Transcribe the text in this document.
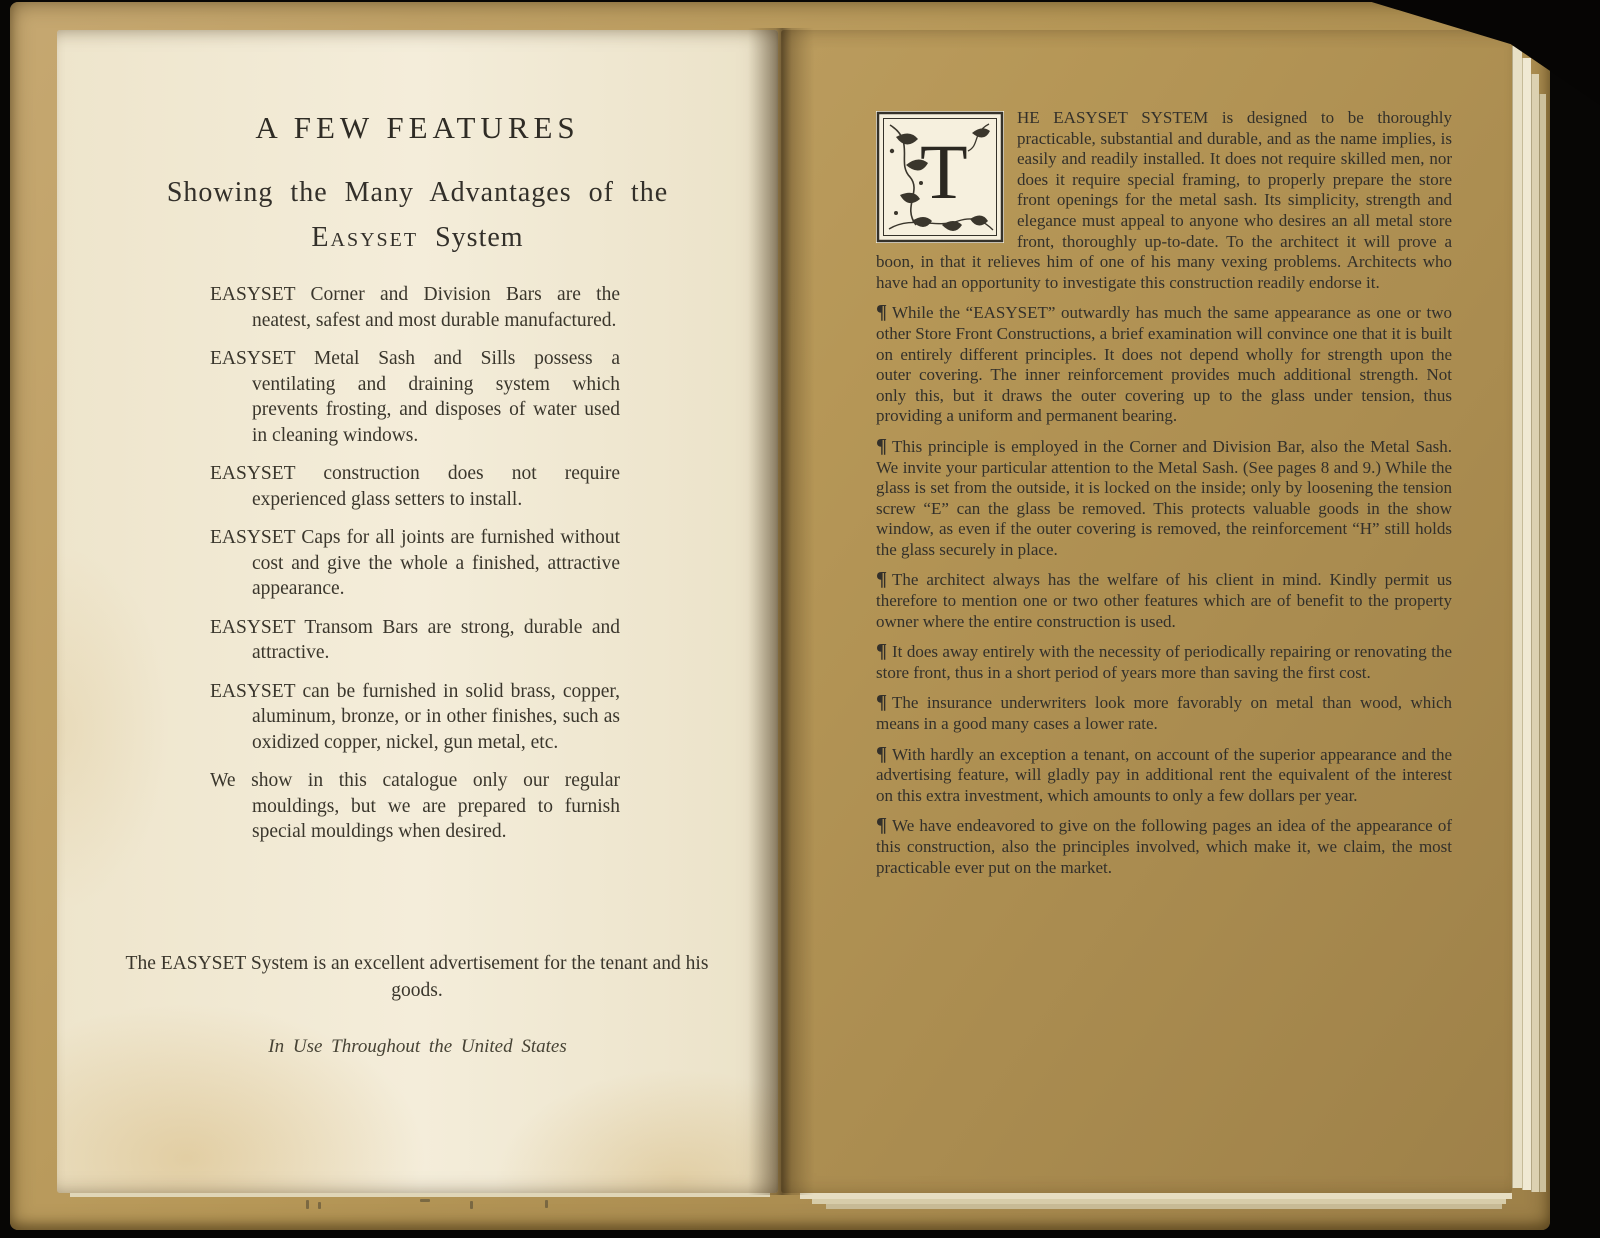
A FEW FEATURES
Showing the Many Advantages of the
Easyset System
EASYSET Corner and Division Bars are the neatest, safest and most durable manufactured.
EASYSET Metal Sash and Sills possess a ventilating and draining system which prevents frosting, and disposes of water used in cleaning windows.
EASYSET construction does not require experienced glass setters to install.
EASYSET Caps for all joints are furnished without cost and give the whole a finished, attractive appearance.
EASYSET Transom Bars are strong, durable and attractive.
EASYSET can be furnished in solid brass, copper, aluminum, bronze, or in other finishes, such as oxidized copper, nickel, gun metal, etc.
We show in this catalogue only our regular mouldings, but we are prepared to furnish special mouldings when desired.
The EASYSET System is an excellent advertisement for the tenant and his goods.
In Use Throughout the United States
T
HE EASYSET SYSTEM is designed to be thoroughly practicable, substantial and durable, and as the name implies, is easily and readily installed. It does not require skilled men, nor does it require special framing, to properly prepare the store front openings for the metal sash. Its simplicity, strength and elegance must appeal to anyone who desires an all metal store front, thoroughly up-to-date. To the architect it will prove a boon, in that it relieves him of one of his many vexing problems. Architects who have had an opportunity to investigate this construction readily endorse it.
¶ While the “EASYSET” outwardly has much the same appearance as one or two other Store Front Constructions, a brief examination will convince one that it is built on entirely different principles. It does not depend wholly for strength upon the outer covering. The inner reinforcement provides much additional strength. Not only this, but it draws the outer covering up to the glass under tension, thus providing a uniform and permanent bearing.
¶ This principle is employed in the Corner and Division Bar, also the Metal Sash. We invite your particular attention to the Metal Sash. (See pages 8 and 9.) While the glass is set from the outside, it is locked on the inside; only by loosening the tension screw “E” can the glass be removed. This protects valuable goods in the show window, as even if the outer covering is removed, the reinforcement “H” still holds the glass securely in place.
¶ The architect always has the welfare of his client in mind. Kindly permit us therefore to mention one or two other features which are of benefit to the property owner where the entire construction is used.
¶ It does away entirely with the necessity of periodically repairing or renovating the store front, thus in a short period of years more than saving the first cost.
¶ The insurance underwriters look more favorably on metal than wood, which means in a good many cases a lower rate.
¶ With hardly an exception a tenant, on account of the superior appearance and the advertising feature, will gladly pay in additional rent the equivalent of the interest on this extra investment, which amounts to only a few dollars per year.
¶ We have endeavored to give on the following pages an idea of the appearance of this construction, also the principles involved, which make it, we claim, the most practicable ever put on the market.
